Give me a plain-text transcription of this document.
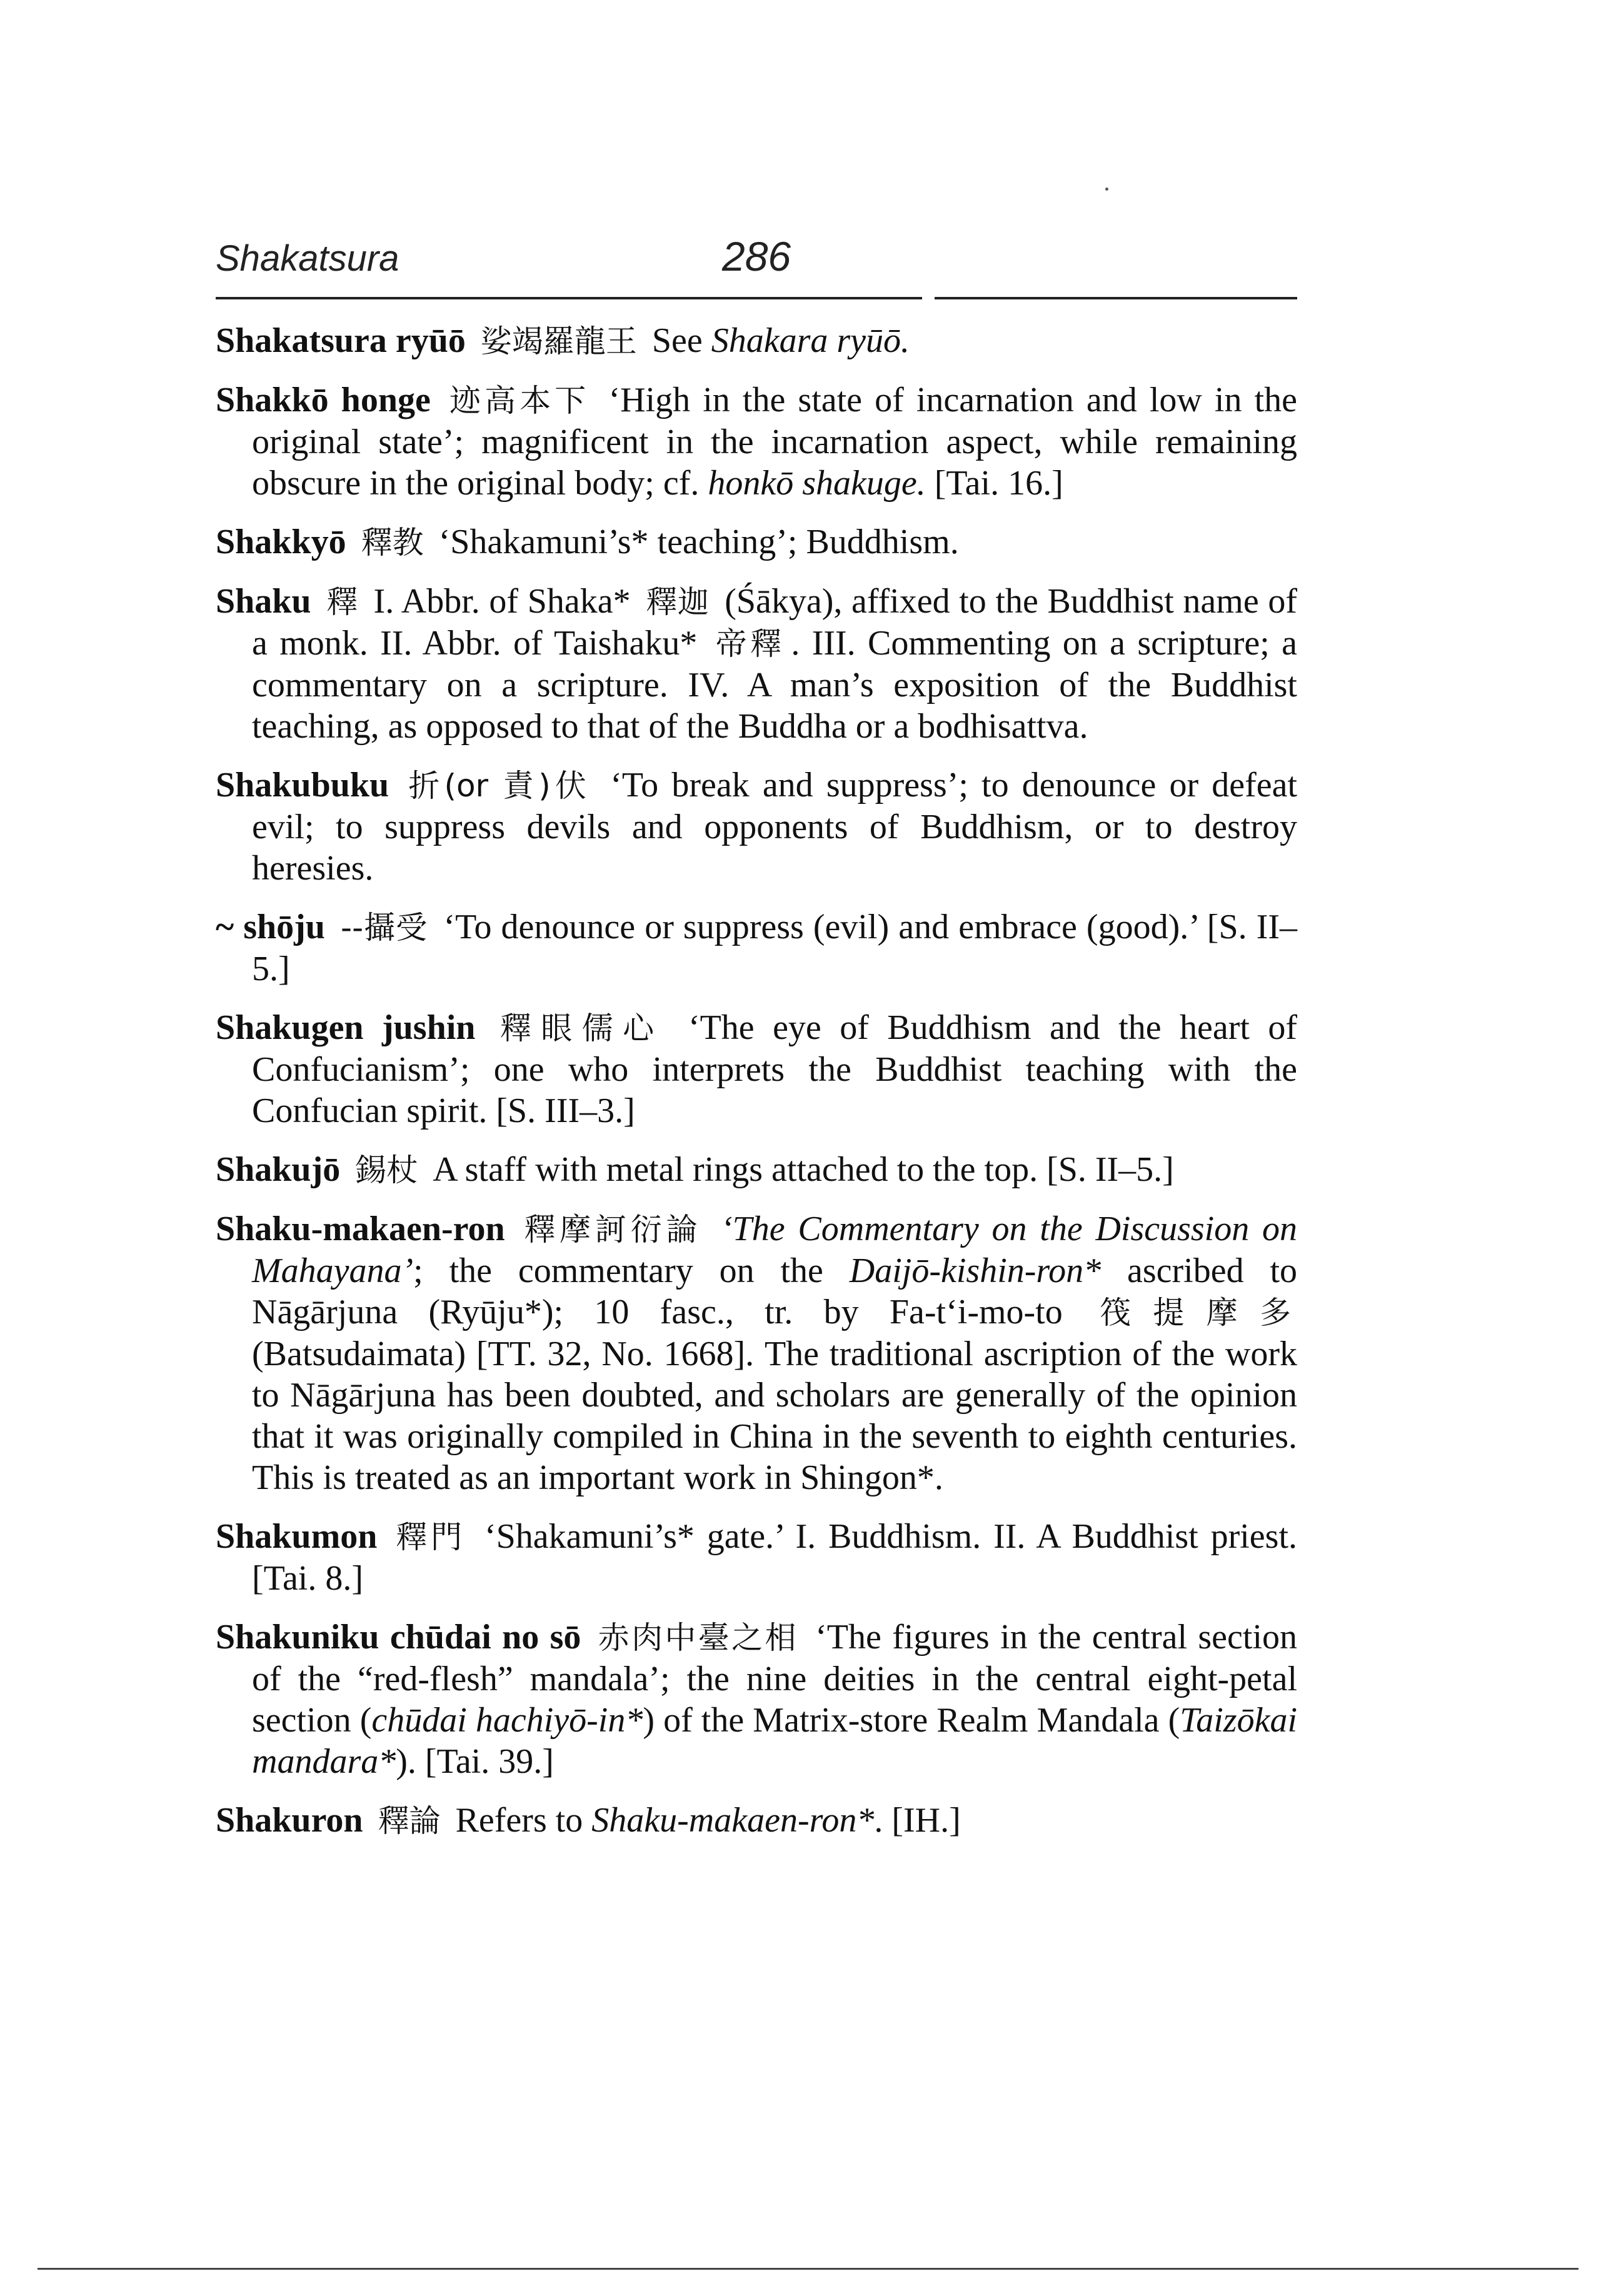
Shakatsura	286

Shakatsura ryūō 娑竭羅龍王 See Shakara ryūō.

Shakkō honge 迹高本下 ‘High in the state of incarnation and low in the original state’; magnificent in the incarnation aspect, while remaining obscure in the original body; cf. honkō shakuge. [Tai. 16.]

Shakkyō 釋教 ‘Shakamuni’s* teaching’; Buddhism.

Shaku 釋 I. Abbr. of Shaka* 釋迦 (Śākya), affixed to the Buddhist name of a monk. II. Abbr. of Taishaku* 帝釋 . III. Commenting on a scripture; a commentary on a scripture. IV. A man’s exposition of the Buddhist teaching, as opposed to that of the Buddha or a bodhisattva.

Shakubuku 折(or 責)伏 ‘To break and suppress’; to denounce or defeat evil; to suppress devils and opponents of Buddhism, or to destroy heresies.

~ shōju --攝受 ‘To denounce or suppress (evil) and embrace (good).’ [S. II–5.]

Shakugen jushin 釋眼儒心 ‘The eye of Buddhism and the heart of Confucianism’; one who interprets the Buddhist teaching with the Confucian spirit. [S. III–3.]

Shakujō 錫杖 A staff with metal rings attached to the top. [S. II–5.]

Shaku-makaen-ron 釋摩訶衍論 ‘The Commentary on the Discussion on Mahayana’; the commentary on the Daijō-kishin-ron* ascribed to Nāgārjuna (Ryūju*); 10 fasc., tr. by Fa-t‘i-mo-to 筏提摩多 (Batsudaimata) [TT. 32, No. 1668]. The traditional ascription of the work to Nāgārjuna has been doubted, and scholars are generally of the opinion that it was originally compiled in China in the seventh to eighth centuries. This is treated as an important work in Shingon*.

Shakumon 釋門 ‘Shakamuni’s* gate.’ I. Buddhism. II. A Buddhist priest. [Tai. 8.]

Shakuniku chūdai no sō 赤肉中臺之相 ‘The figures in the central section of the “red-flesh” mandala’; the nine deities in the central eight-petal section (chūdai hachiyō-in*) of the Matrix-store Realm Mandala (Taizōkai mandara*). [Tai. 39.]

Shakuron 釋論 Refers to Shaku-makaen-ron*. [IH.]
